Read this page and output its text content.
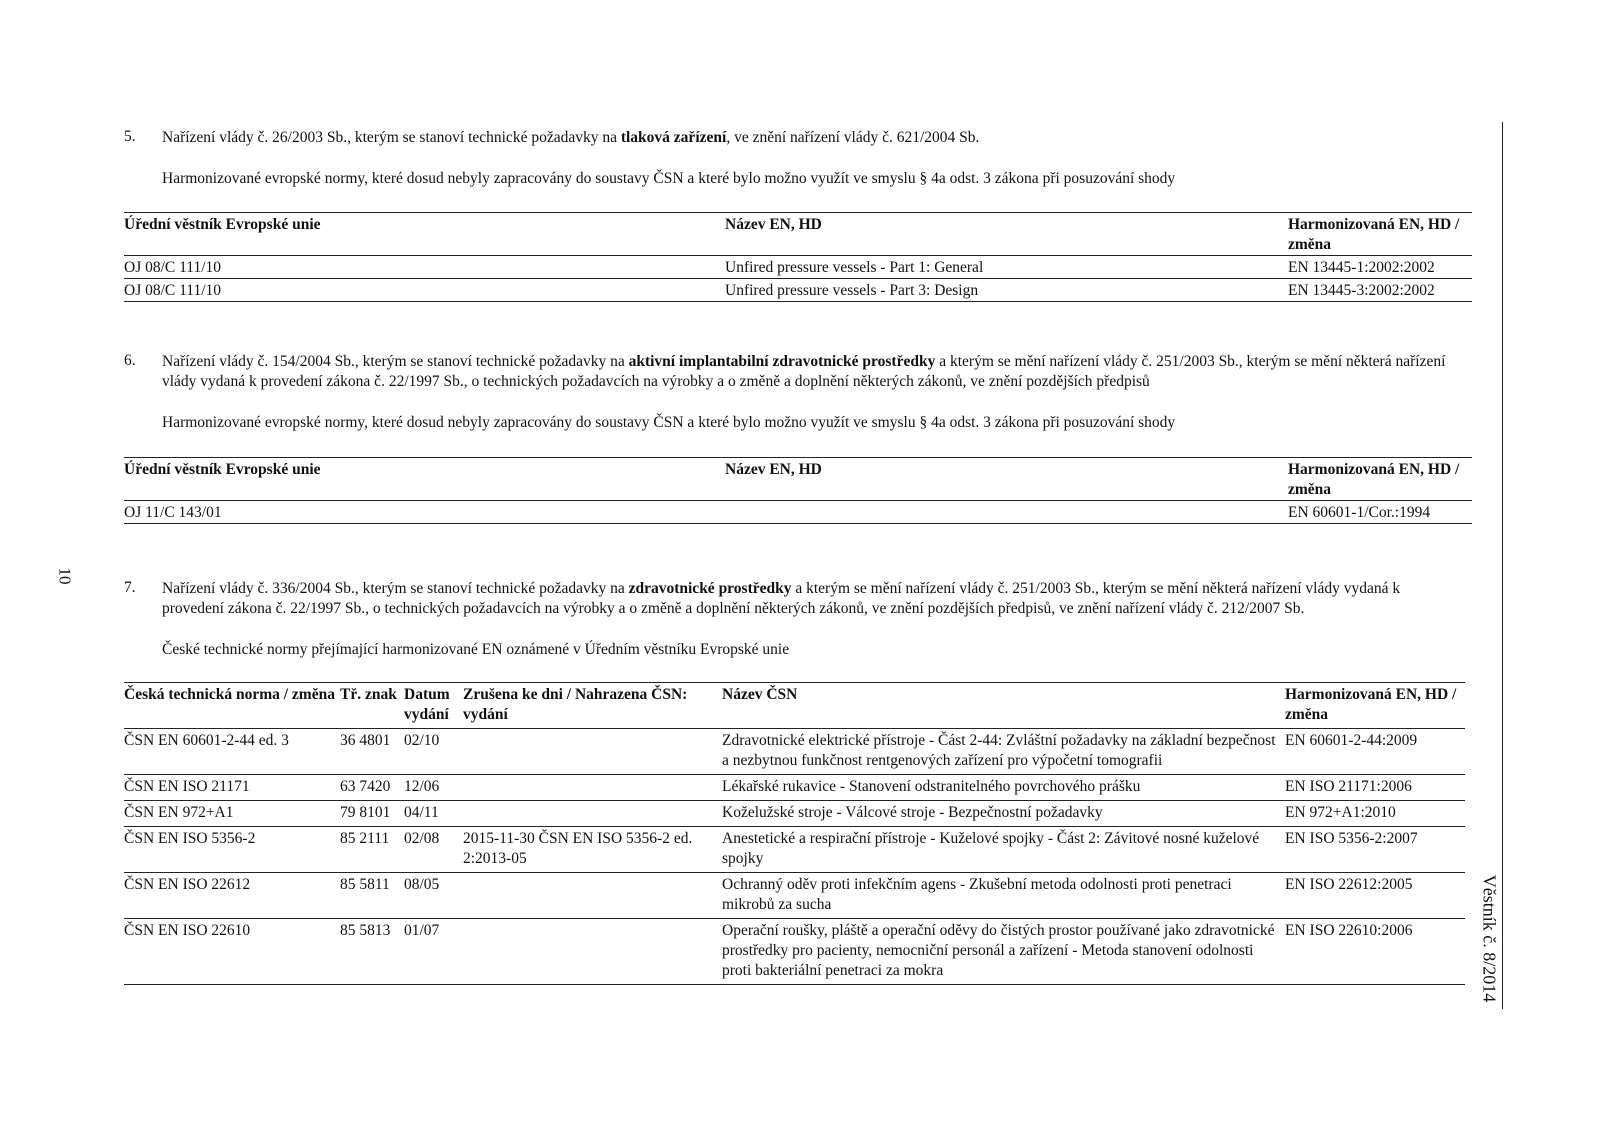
5. Nařízení vlády č. 26/2003 Sb., kterým se stanoví technické požadavky na tlaková zařízení, ve znění nařízení vlády č. 621/2004 Sb.
Harmonizované evropské normy, které dosud nebyly zapracovány do soustavy ČSN a které bylo možno využít ve smyslu § 4a odst. 3 zákona při posuzování shody
Úřední věstník Evropské unie	Název EN, HD	Harmonizovaná EN, HD / změna
OJ 08/C 111/10	Unfired pressure vessels - Part 1: General	EN 13445-1:2002:2002
OJ 08/C 111/10	Unfired pressure vessels - Part 3: Design	EN 13445-3:2002:2002
6. Nařízení vlády č. 154/2004 Sb., kterým se stanoví technické požadavky na aktivní implantabilní zdravotnické prostředky a kterým se mění nařízení vlády č. 251/2003 Sb., kterým se mění některá nařízení vlády vydaná k provedení zákona č. 22/1997 Sb., o technických požadavcích na výrobky a o změně a doplnění některých zákonů, ve znění pozdějších předpisů
Harmonizované evropské normy, které dosud nebyly zapracovány do soustavy ČSN a které bylo možno využít ve smyslu § 4a odst. 3 zákona při posuzování shody
Úřední věstník Evropské unie	Název EN, HD	Harmonizovaná EN, HD / změna
OJ 11/C 143/01		EN 60601-1/Cor.:1994
7. Nařízení vlády č. 336/2004 Sb., kterým se stanoví technické požadavky na zdravotnické prostředky a kterým se mění nařízení vlády č. 251/2003 Sb., kterým se mění některá nařízení vlády vydaná k provedení zákona č. 22/1997 Sb., o technických požadavcích na výrobky a o změně a doplnění některých zákonů, ve znění pozdějších předpisů, ve znění nařízení vlády č. 212/2007 Sb.
České technické normy přejímající harmonizované EN oznámené v Úředním věstníku Evropské unie
Česká technická norma / změna	Tř. znak	Datum vydání	Zrušena ke dni / Nahrazena ČSN: vydání	Název ČSN	Harmonizovaná EN, HD / změna
ČSN EN 60601-2-44 ed. 3	36 4801	02/10		Zdravotnické elektrické přístroje - Část 2-44: Zvláštní požadavky na základní bezpečnost a nezbytnou funkčnost rentgenových zařízení pro výpočetní tomografii	EN 60601-2-44:2009
ČSN EN ISO 21171	63 7420	12/06		Lékařské rukavice - Stanovení odstranitelného povrchového prášku	EN ISO 21171:2006
ČSN EN 972+A1	79 8101	04/11		Koželužské stroje - Válcové stroje - Bezpečnostní požadavky	EN 972+A1:2010
ČSN EN ISO 5356-2	85 2111	02/08	2015-11-30 ČSN EN ISO 5356-2 ed. 2:2013-05	Anestetické a respirační přístroje - Kuželové spojky - Část 2: Závitové nosné kuželové spojky	EN ISO 5356-2:2007
ČSN EN ISO 22612	85 5811	08/05		Ochranný oděv proti infekčním agens - Zkušební metoda odolnosti proti penetraci mikrobů za sucha	EN ISO 22612:2005
ČSN EN ISO 22610	85 5813	01/07		Operační roušky, pláště a operační oděvy do čistých prostor používané jako zdravotnické prostředky pro pacienty, nemocniční personál a zařízení - Metoda stanovení odolnosti proti bakteriální penetraci za mokra	EN ISO 22610:2006
10
Věstník č. 8/2014
